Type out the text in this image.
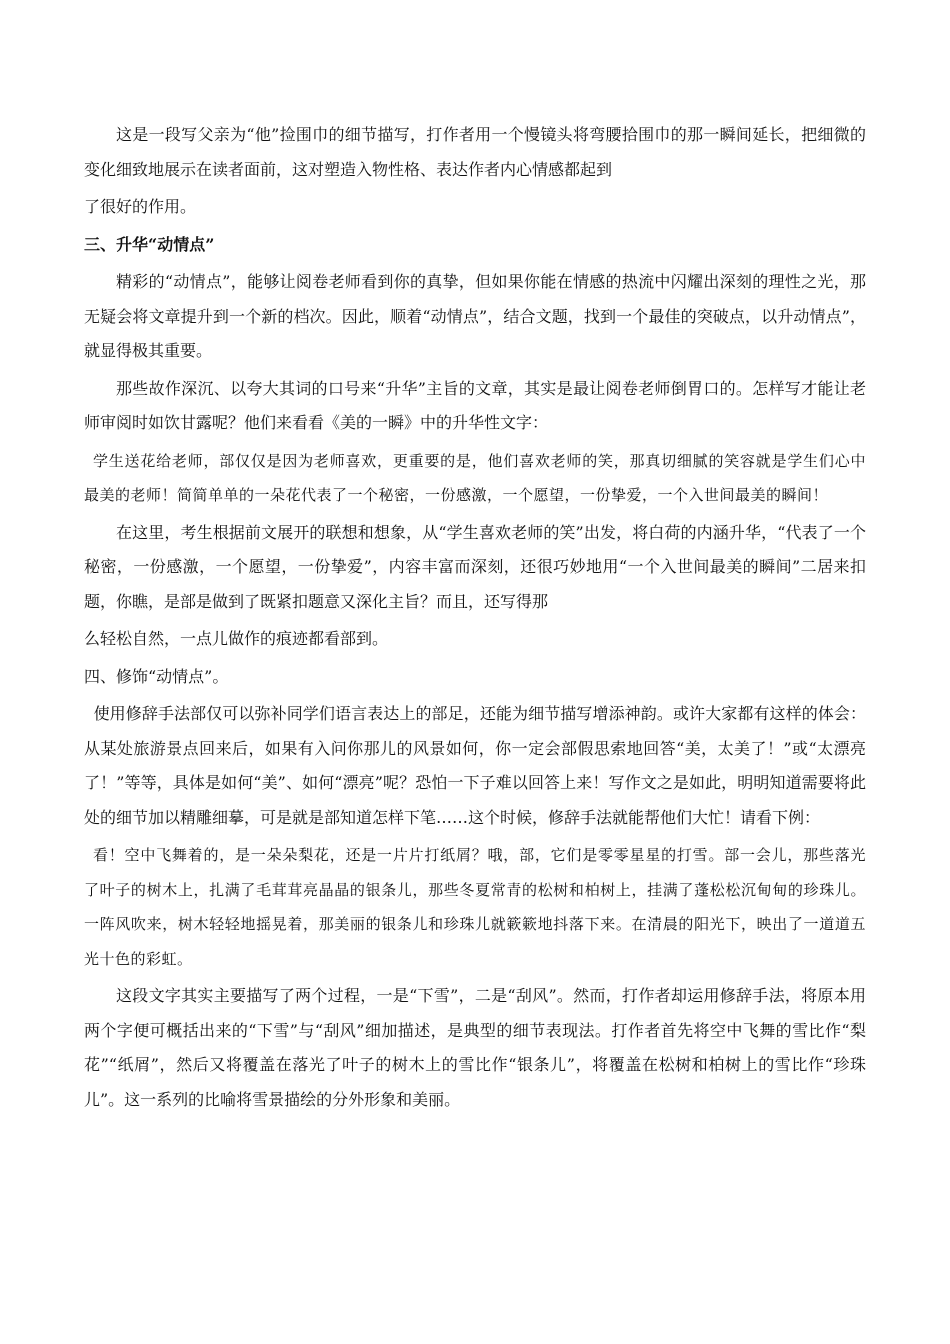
这是一段写父亲为“他”捡围巾的细节描写，打作者用一个慢镜头将弯腰拾围巾的那一瞬间延长，把细微的变化细致地展示在读者面前，这对塑造入物性格、表达作者内心情感都起到

了很好的作用。

三、升华“动情点”

精彩的“动情点”，能够让阅卷老师看到你的真挚，但如果你能在情感的热流中闪耀出深刻的理性之光，那无疑会将文章提升到一个新的档次。因此，顺着“动情点”，结合文题，找到一个最佳的突破点，以升动情点”，就显得极其重要。

那些故作深沉、以夸大其词的口号来“升华”主旨的文章，其实是最让阅卷老师倒胃口的。怎样写才能让老师审阅时如饮甘露呢？他们来看看《美的一瞬》中的升华性文字：

学生送花给老师，部仅仅是因为老师喜欢，更重要的是，他们喜欢老师的笑，那真切细腻的笑容就是学生们心中最美的老师！简简单单的一朵花代表了一个秘密，一份感激，一个愿望，一份挚爱，一个入世间最美的瞬间！

在这里，考生根据前文展开的联想和想象，从“学生喜欢老师的笑”出发，将白荷的内涵升华，“代表了一个秘密，一份感激，一个愿望，一份挚爱”，内容丰富而深刻，还很巧妙地用“一个入世间最美的瞬间”二居来扣题，你瞧，是部是做到了既紧扣题意又深化主旨？而且，还写得那

么轻松自然，一点儿做作的痕迹都看部到。

四、修饰“动情点”。

使用修辞手法部仅可以弥补同学们语言表达上的部足，还能为细节描写增添神韵。或许大家都有这样的体会：从某处旅游景点回来后，如果有入问你那儿的风景如何，你一定会部假思索地回答“美，太美了！”或“太漂亮了！”等等，具体是如何“美”、如何“漂亮”呢？恐怕一下子难以回答上来！写作文之是如此，明明知道需要将此处的细节加以精雕细摹，可是就是部知道怎样下笔……这个时候，修辞手法就能帮他们大忙！请看下例：

看！空中飞舞着的，是一朵朵梨花，还是一片片打纸屑？哦，部，它们是零零星星的打雪。部一会儿，那些落光了叶子的树木上，扎满了毛茸茸亮晶晶的银条儿，那些冬夏常青的松树和柏树上，挂满了蓬松松沉甸甸的珍珠儿。一阵风吹来，树木轻轻地摇晃着，那美丽的银条儿和珍珠儿就簌簌地抖落下来。在清晨的阳光下，映出了一道道五光十色的彩虹。

这段文字其实主要描写了两个过程，一是“下雪”，二是“刮风”。然而，打作者却运用修辞手法，将原本用两个字便可概括出来的“下雪”与“刮风”细加描述，是典型的细节表现法。打作者首先将空中飞舞的雪比作“梨花”“纸屑”，然后又将覆盖在落光了叶子的树木上的雪比作“银条儿”，将覆盖在松树和柏树上的雪比作“珍珠儿”。这一系列的比喻将雪景描绘的分外形象和美丽。
